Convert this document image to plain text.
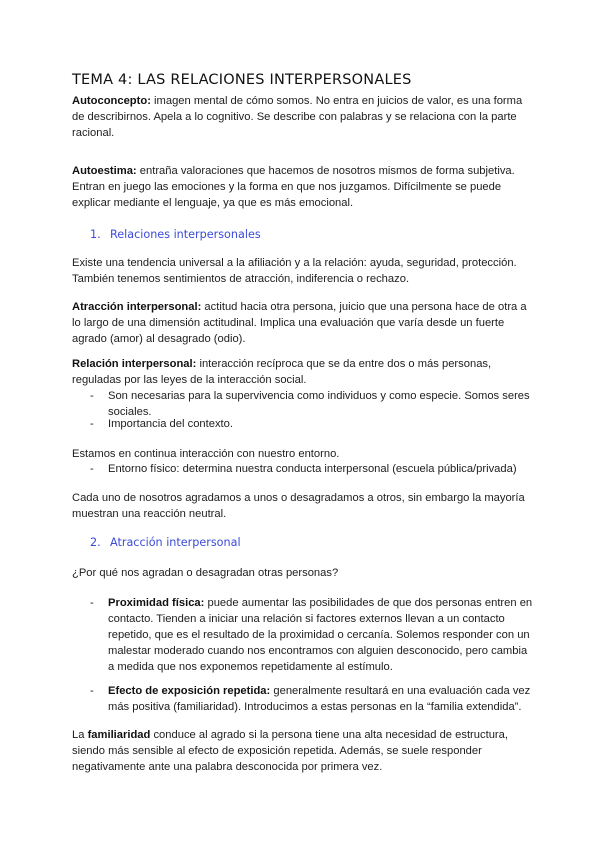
TEMA 4: LAS RELACIONES INTERPERSONALES

Autoconcepto: imagen mental de cómo somos. No entra en juicios de valor, es una forma de describirnos. Apela a lo cognitivo. Se describe con palabras y se relaciona con la parte racional.

Autoestima: entraña valoraciones que hacemos de nosotros mismos de forma subjetiva. Entran en juego las emociones y la forma en que nos juzgamos. Difícilmente se puede explicar mediante el lenguaje, ya que es más emocional.

1. Relaciones interpersonales

Existe una tendencia universal a la afiliación y a la relación: ayuda, seguridad, protección. También tenemos sentimientos de atracción, indiferencia o rechazo.

Atracción interpersonal: actitud hacia otra persona, juicio que una persona hace de otra a lo largo de una dimensión actitudinal. Implica una evaluación que varía desde un fuerte agrado (amor) al desagrado (odio).

Relación interpersonal: interacción recíproca que se da entre dos o más personas, reguladas por las leyes de la interacción social.

- Son necesarias para la supervivencia como individuos y como especie. Somos seres sociales.
- Importancia del contexto.

Estamos en continua interacción con nuestro entorno.

- Entorno físico: determina nuestra conducta interpersonal (escuela pública/privada)

Cada uno de nosotros agradamos a unos o desagradamos a otros, sin embargo la mayoría muestran una reacción neutral.

2. Atracción interpersonal

¿Por qué nos agradan o desagradan otras personas?

- Proximidad física: puede aumentar las posibilidades de que dos personas entren en contacto. Tienden a iniciar una relación si factores externos llevan a un contacto repetido, que es el resultado de la proximidad o cercanía. Solemos responder con un malestar moderado cuando nos encontramos con alguien desconocido, pero cambia a medida que nos exponemos repetidamente al estímulo.
- Efecto de exposición repetida: generalmente resultará en una evaluación cada vez más positiva (familiaridad). Introducimos a estas personas en la “familia extendida”.

La familiaridad conduce al agrado si la persona tiene una alta necesidad de estructura, siendo más sensible al efecto de exposición repetida. Además, se suele responder negativamente ante una palabra desconocida por primera vez.
